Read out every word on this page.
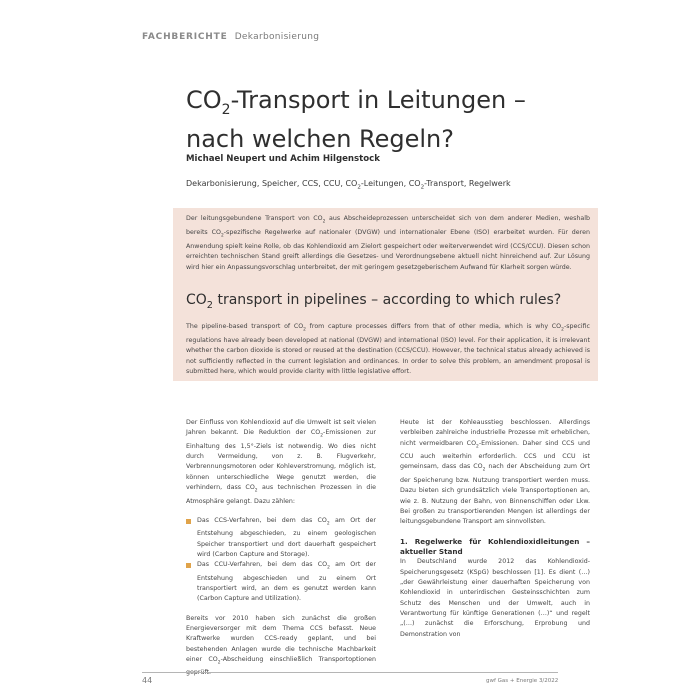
FACHBERICHTE Dekarbonisierung
$CO_2$-Transport in Leitungen –
nach welchen Regeln?
Michael Neupert und Achim Hilgenstock
Dekarbonisierung, Speicher, CCS, CCU, $CO_2$-Leitungen, $CO_2$-Transport, Regelwerk
Der leitungsgebundene Transport von $CO_2$ aus Abscheideprozessen unterscheidet sich von dem anderer Medien, weshalb bereits $CO_2$-spezifische Regelwerke auf nationaler (DVGW) und internationaler Ebene (ISO) erarbeitet wurden. Für deren Anwendung spielt keine Rolle, ob das Kohlendioxid am Zielort gespeichert oder weiterverwendet wird (CCS/CCU). Diesen schon erreichten technischen Stand greift allerdings die Gesetzes- und Verordnungsebene aktuell nicht hinreichend auf. Zur Lösung wird hier ein Anpassungsvorschlag unterbreitet, der mit geringem gesetzgeberischem Aufwand für Klarheit sorgen würde.
$CO_2$ transport in pipelines – according to which rules?
The pipeline-based transport of $CO_2$ from capture processes differs from that of other media, which is why $CO_2$-specific regulations have already been developed at national (DVGW) and international (ISO) level. For their application, it is irrelevant whether the carbon dioxide is stored or reused at the destination (CCS/CCU). However, the technical status already achieved is not sufficiently reflected in the current legislation and ordinances. In order to solve this problem, an amendment proposal is submitted here, which would provide clarity with little legislative effort.

Der Einfluss von Kohlendioxid auf die Umwelt ist seit vielen Jahren bekannt. Die Reduktion der $CO_2$-Emissionen zur Einhaltung des 1,5°-Ziels ist notwendig. Wo dies nicht durch Vermeidung, von z. B. Flugverkehr, Verbrennungsmotoren oder Kohleverstromung, möglich ist, können unterschiedliche Wege genutzt werden, die verhindern, dass $CO_2$ aus technischen Prozessen in die Atmosphäre gelangt. Dazu zählen:

Das CCS-Verfahren, bei dem das $CO_2$ am Ort der Entstehung abgeschieden, zu einem geologischen Speicher transportiert und dort dauerhaft gespeichert wird (Carbon Capture and Storage).
Das CCU-Verfahren, bei dem das $CO_2$ am Ort der Entstehung abgeschieden und zu einem Ort transportiert wird, an dem es genutzt werden kann (Carbon Capture and Utilization).

Bereits vor 2010 haben sich zunächst die großen Energieversorger mit dem Thema CCS befasst. Neue Kraftwerke wurden CCS-ready geplant, und bei bestehenden Anlagen wurde die technische Machbarkeit einer $CO_2$-Abscheidung einschließlich Transportoptionen

Heute ist der Kohleausstieg beschlossen. Allerdings verbleiben zahlreiche industrielle Prozesse mit erheblichen, nicht vermeidbaren $CO_2$-Emissionen. Daher sind CCS und CCU auch weiterhin erforderlich. CCS und CCU ist gemeinsam, dass das $CO_2$ nach der Abscheidung zum Ort der Speicherung bzw. Nutzung transportiert werden muss. Dazu bieten sich grundsätzlich viele Transportoptionen an, wie z. B. Nutzung der Bahn, von Binnenschiffen oder Lkw. Bei großen zu transportierenden Mengen ist allerdings der leitungsgebundene Transport am sinnvollsten.

1. Regelwerke für Kohlendioxidleitungen – aktueller Stand

In Deutschland wurde 2012 das Kohlendioxid-Speicherungsgesetz (KSpG) beschlossen [1]. Es dient (…) „der Gewährleistung einer dauerhaften Speicherung von Kohlendioxid in unterirdischen Gesteinsschichten zum Schutz des Menschen und der Umwelt, auch in Verantwortung für künftige Generationen (…)“ und regelt „(…) zunächst die Erforschung, Erprobung und Demonstration von

44	gwf Gas + Energie 3/2022
